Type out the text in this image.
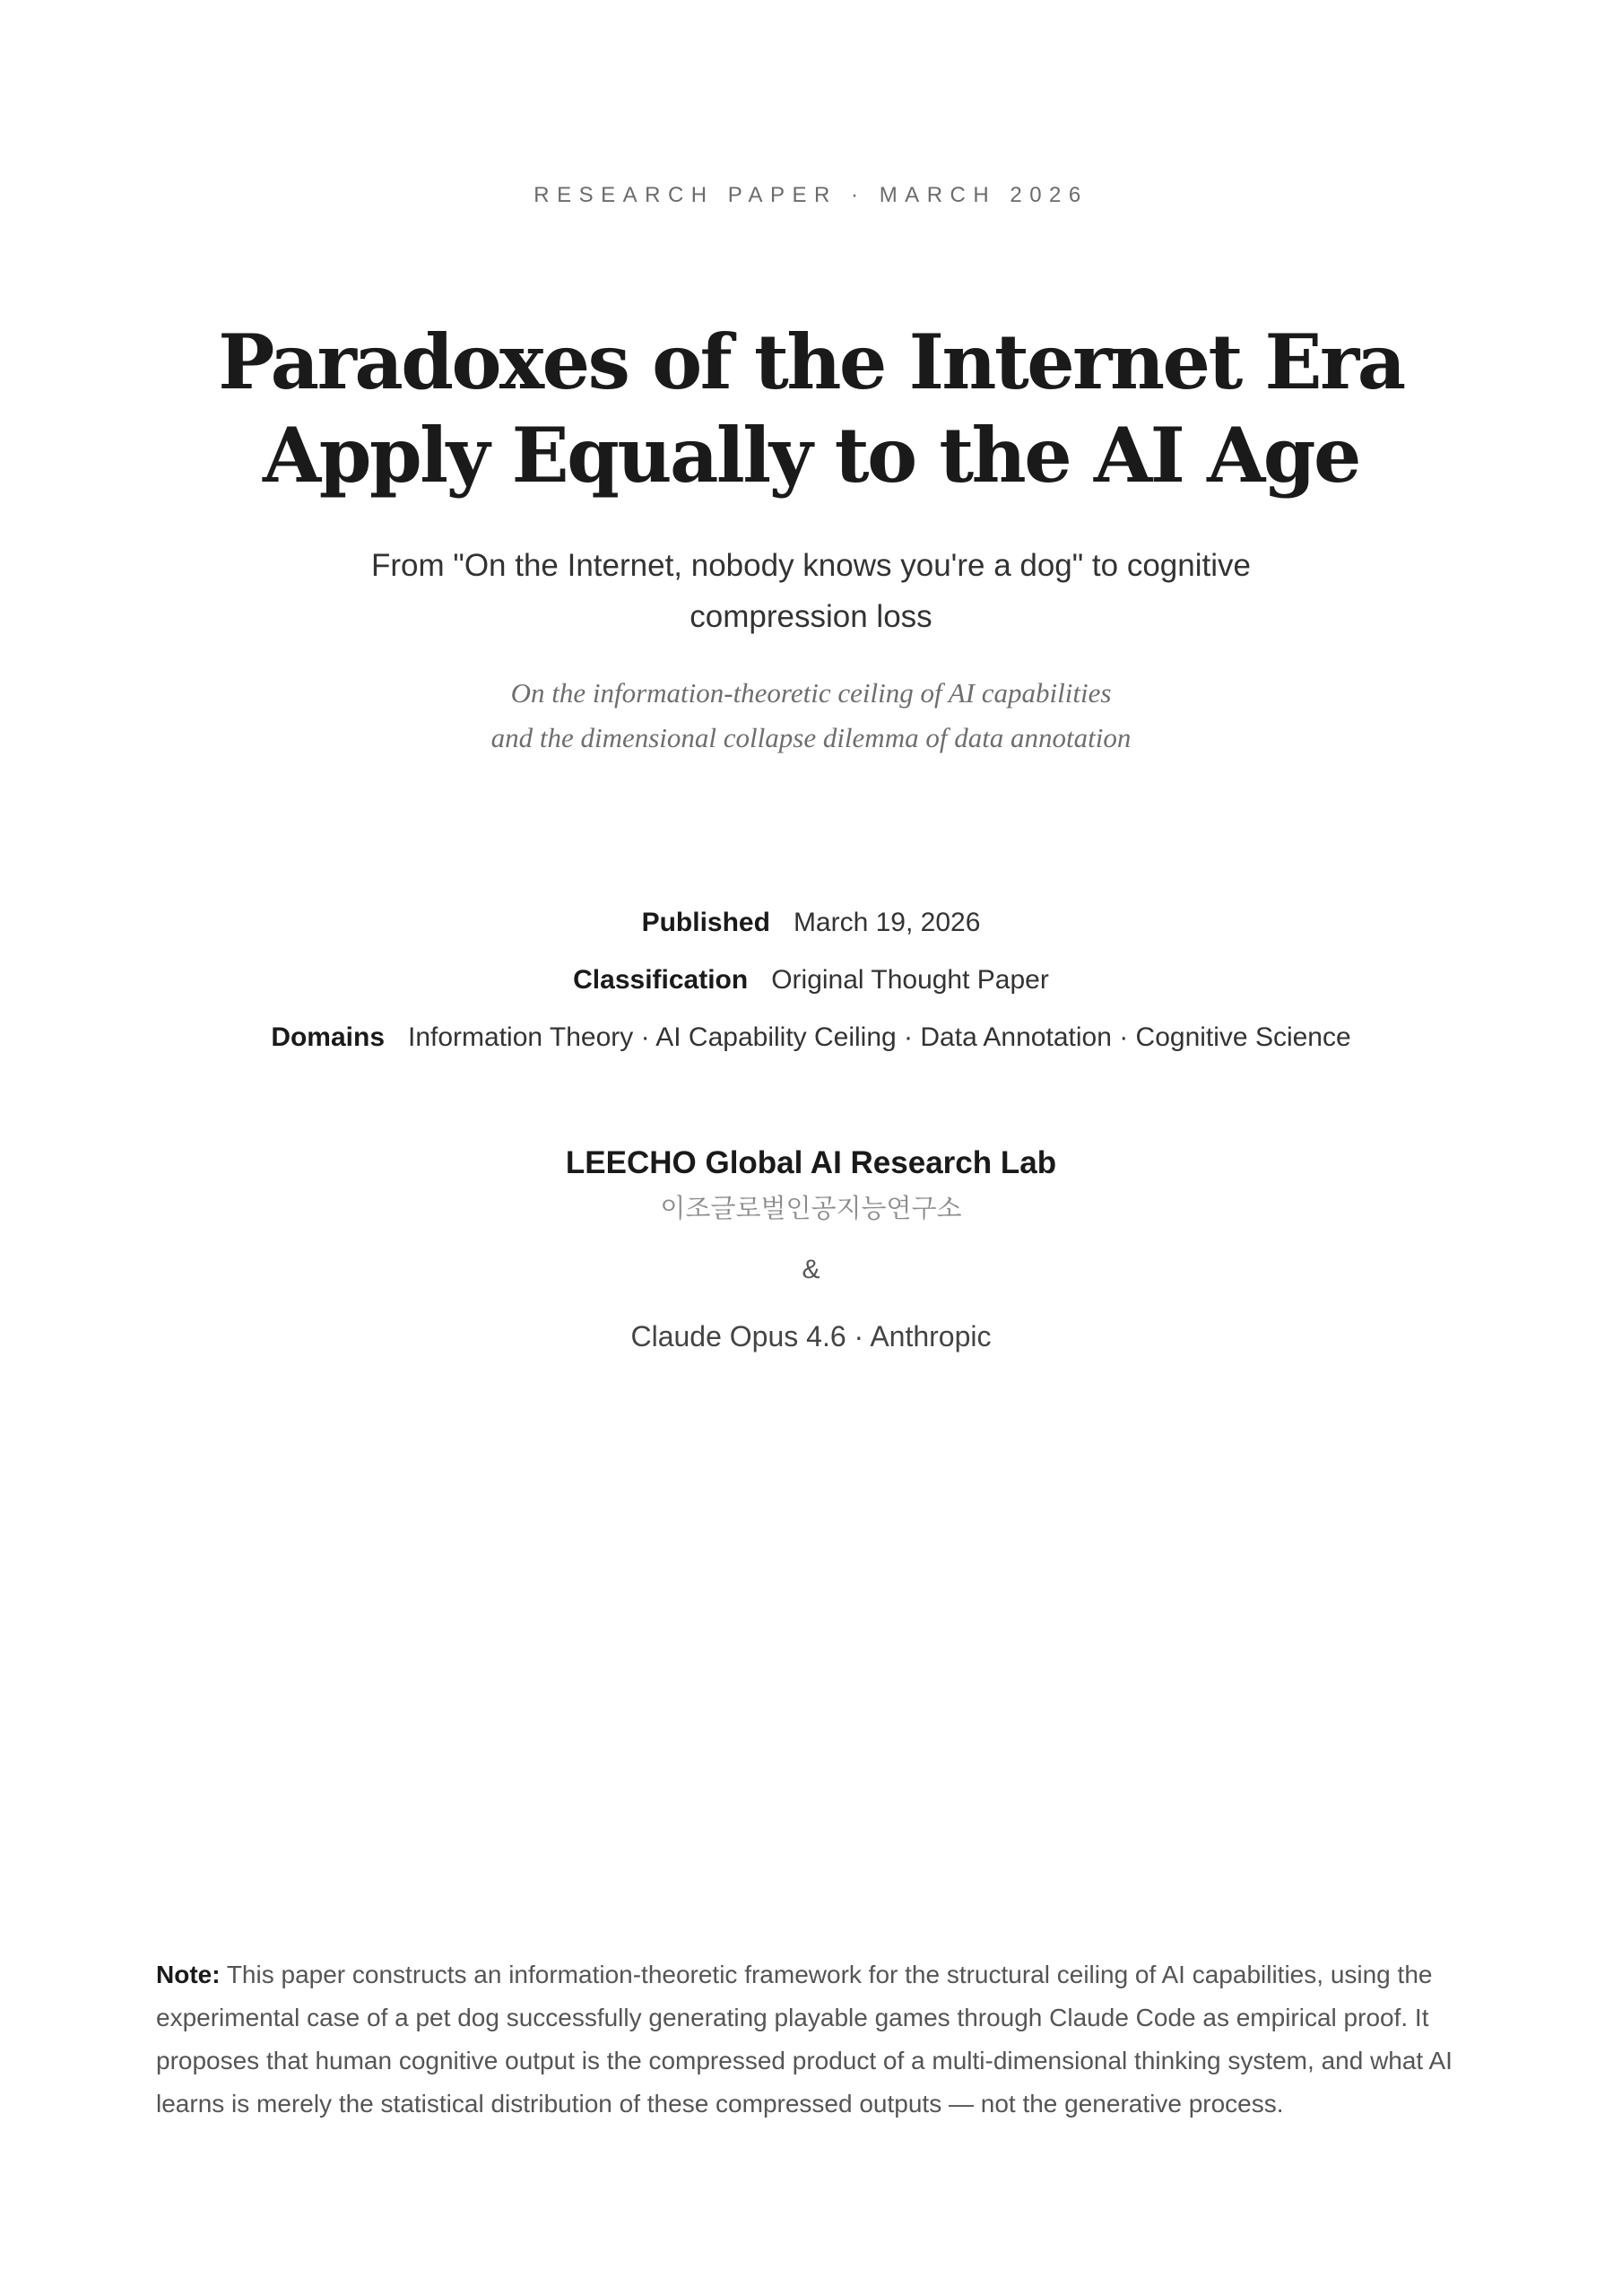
RESEARCH PAPER · MARCH 2026
Paradoxes of the Internet Era
Apply Equally to the AI Age
From "On the Internet, nobody knows you're a dog" to cognitive compression loss
On the information-theoretic ceiling of AI capabilities
and the dimensional collapse dilemma of data annotation
Published March 19, 2026
Classification Original Thought Paper
Domains Information Theory · AI Capability Ceiling · Data Annotation · Cognitive Science
LEECHO Global AI Research Lab
이조글로벌인공지능연구소
&
Claude Opus 4.6 · Anthropic

Note: This paper constructs an information-theoretic framework for the structural ceiling of AI capabilities, using the experimental case of a pet dog successfully generating playable games through Claude Code as empirical proof. It proposes that human cognitive output is the compressed product of a multi-dimensional thinking system, and what AI learns is merely the statistical distribution of these compressed outputs — not the generative process.
